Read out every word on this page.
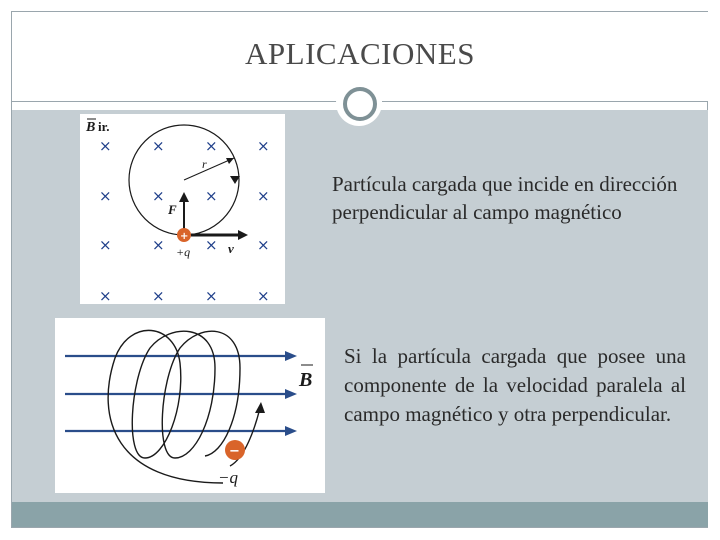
APLICACIONES
B ir.
×	×	×	×
×	×	×	×
×	×	×	×
×	×	×	×
r
F
v
+
+q
B
−
−q
Partícula cargada que incide en dirección perpendicular al campo magnético
Si la partícula cargada que posee una componente de la velocidad paralela al campo magnético y otra perpendicular.
